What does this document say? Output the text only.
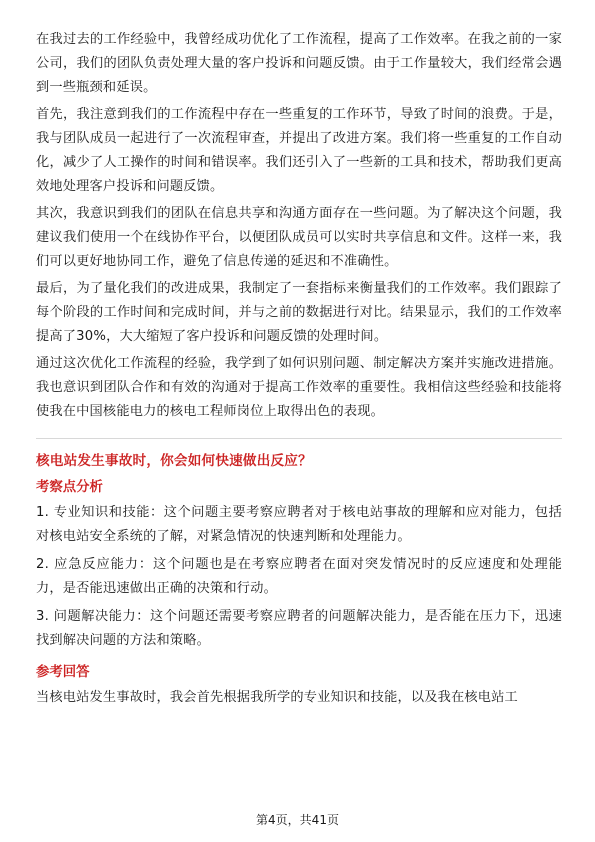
在我过去的工作经验中，我曾经成功优化了工作流程，提高了工作效率。在我之前的一家公司，我们的团队负责处理大量的客户投诉和问题反馈。由于工作量较大，我们经常会遇到一些瓶颈和延误。

首先，我注意到我们的工作流程中存在一些重复的工作环节，导致了时间的浪费。于是，我与团队成员一起进行了一次流程审查，并提出了改进方案。我们将一些重复的工作自动化，减少了人工操作的时间和错误率。我们还引入了一些新的工具和技术，帮助我们更高效地处理客户投诉和问题反馈。

其次，我意识到我们的团队在信息共享和沟通方面存在一些问题。为了解决这个问题，我建议我们使用一个在线协作平台，以便团队成员可以实时共享信息和文件。这样一来，我们可以更好地协同工作，避免了信息传递的延迟和不准确性。

最后，为了量化我们的改进成果，我制定了一套指标来衡量我们的工作效率。我们跟踪了每个阶段的工作时间和完成时间，并与之前的数据进行对比。结果显示，我们的工作效率提高了30%，大大缩短了客户投诉和问题反馈的处理时间。

通过这次优化工作流程的经验，我学到了如何识别问题、制定解决方案并实施改进措施。我也意识到团队合作和有效的沟通对于提高工作效率的重要性。我相信这些经验和技能将使我在中国核能电力的核电工程师岗位上取得出色的表现。

核电站发生事故时，你会如何快速做出反应？
考察点分析

1. 专业知识和技能：这个问题主要考察应聘者对于核电站事故的理解和应对能力，包括对核电站安全系统的了解，对紧急情况的快速判断和处理能力。

2. 应急反应能力：这个问题也是在考察应聘者在面对突发情况时的反应速度和处理能力，是否能迅速做出正确的决策和行动。

3. 问题解决能力：这个问题还需要考察应聘者的问题解决能力，是否能在压力下，迅速找到解决问题的方法和策略。

参考回答

当核电站发生事故时，我会首先根据我所学的专业知识和技能，以及我在核电站工

第4页，共41页
